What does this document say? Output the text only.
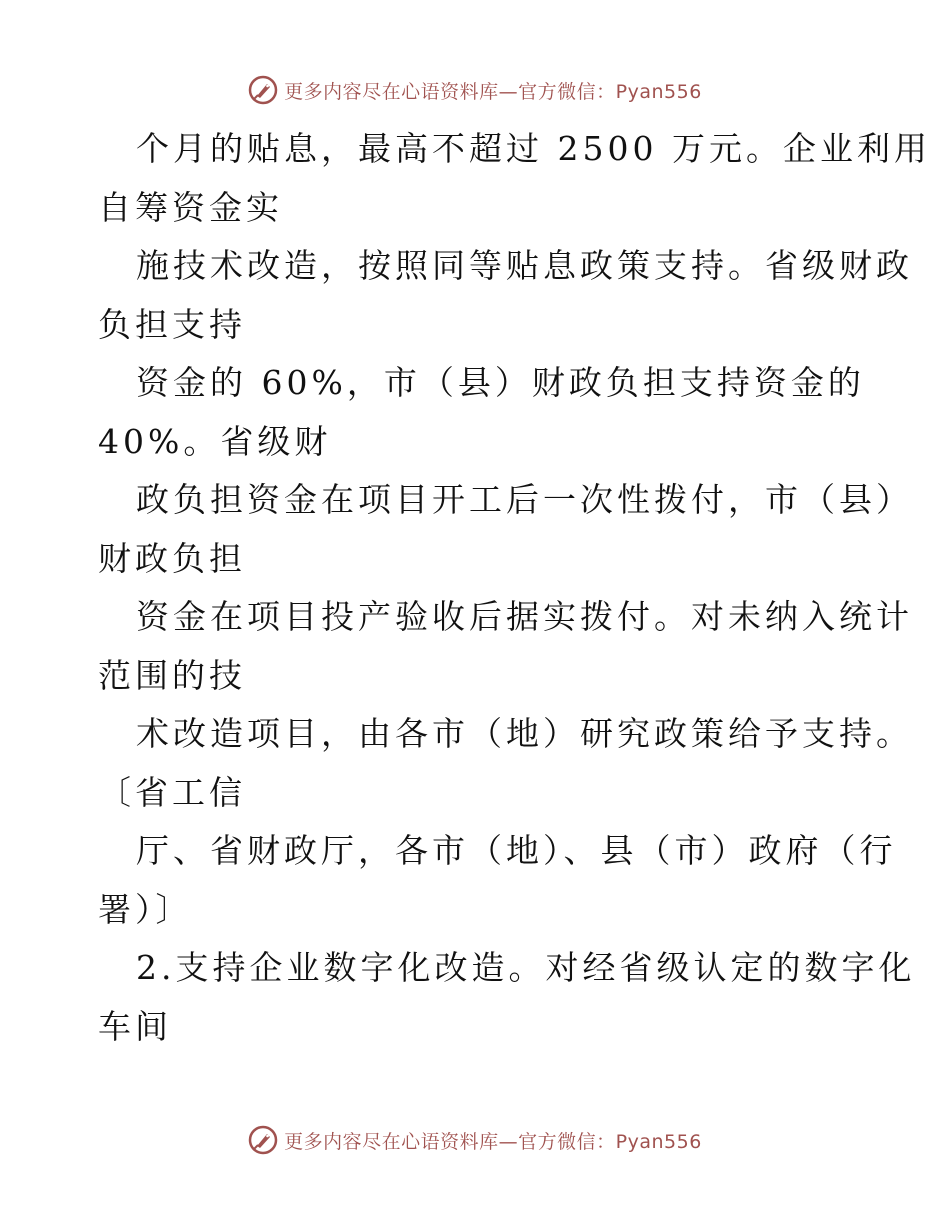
更多内容尽在心语资料库—官方微信：Pyan556

个月的贴息，最高不超过 2500 万元。企业利用

自筹资金实

施技术改造，按照同等贴息政策支持。省级财政

负担支持

资金的 60%，市（县）财政负担支持资金的

40%。省级财

政负担资金在项目开工后一次性拨付，市（县）

财政负担

资金在项目投产验收后据实拨付。对未纳入统计

范围的技

术改造项目，由各市（地）研究政策给予支持。

〔省工信

厅、省财政厅，各市（地）、县（市）政府（行

署）〕

2.支持企业数字化改造。对经省级认定的数字化

车间

更多内容尽在心语资料库—官方微信：Pyan556
